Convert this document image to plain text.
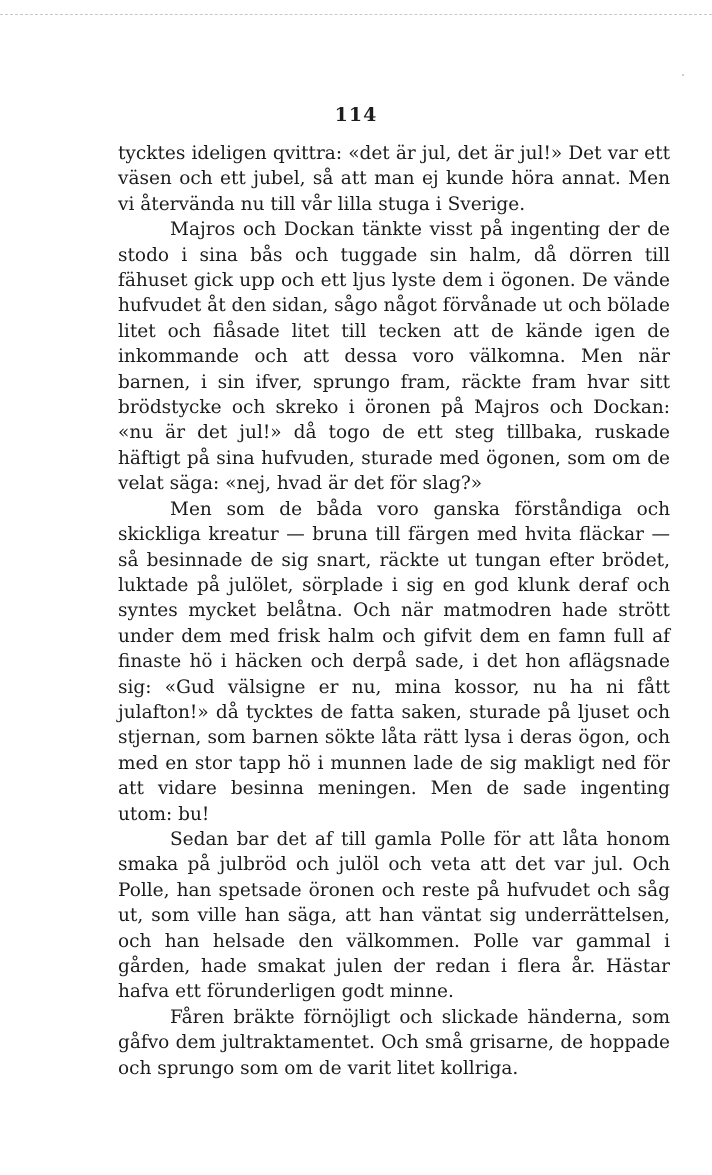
114

tycktes ideligen qvittra: «det är jul, det är jul!» Det var ett väsen och ett jubel, så att man ej kunde höra annat. Men vi återvända nu till vår lilla stuga i Sverige.

Majros och Dockan tänkte visst på ingenting der de stodo i sina bås och tuggade sin halm, då dörren till fähuset gick upp och ett ljus lyste dem i ögonen. De vände hufvudet åt den sidan, sågo något förvånade ut och bölade litet och fiåsade litet till tecken att de kände igen de inkommande och att dessa voro välkomna. Men när barnen, i sin ifver, sprungo fram, räckte fram hvar sitt brödstycke och skreko i öronen på Majros och Dockan: «nu är det jul!» då togo de ett steg tillbaka, ruskade häftigt på sina hufvuden, sturade med ögonen, som om de velat säga: «nej, hvad är det för slag?»

Men som de båda voro ganska förståndiga och skickliga kreatur — bruna till färgen med hvita fläckar — så besinnade de sig snart, räckte ut tungan efter brödet, luktade på julölet, sörplade i sig en god klunk deraf och syntes mycket belåtna. Och när matmodren hade strött under dem med frisk halm och gifvit dem en famn full af finaste hö i häcken och derpå sade, i det hon aflägsnade sig: «Gud välsigne er nu, mina kossor, nu ha ni fått julafton!» då tycktes de fatta saken, sturade på ljuset och stjernan, som barnen sökte låta rätt lysa i deras ögon, och med en stor tapp hö i munnen lade de sig makligt ned för att vidare besinna meningen. Men de sade ingenting utom: bu!

Sedan bar det af till gamla Polle för att låta honom smaka på julbröd och julöl och veta att det var jul. Och Polle, han spetsade öronen och reste på hufvudet och såg ut, som ville han säga, att han väntat sig underrättelsen, och han helsade den välkommen. Polle var gammal i gården, hade smakat julen der redan i flera år. Hästar hafva ett förunderligen godt minne.

Fåren bräkte förnöjligt och slickade händerna, som gåfvo dem jultraktamentet. Och små grisarne, de hoppade och sprungo som om de varit litet kollriga.
